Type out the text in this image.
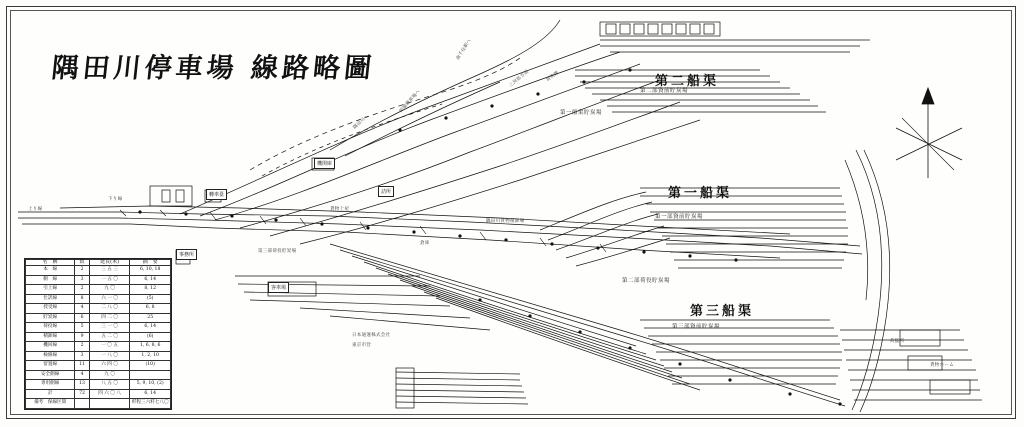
隅田川停車場 線路略圖	第二船渠
第二部資前貯炭場
第一船渠
第一部資前貯炭場
第三船渠
第三部資前貯炭場
第二部荷役貯炭場
第一船渠貯炭場
南千住駅ヘ
田端操車場ヘ
隅田川ヘ
三河島方面	貨物線
上り線
下り線
第三部荷役貯炭場
貨物上屋
倉庫
隅田川貨物積卸場
日本通運株式会社
東京市営
荷扱所
貨物ホーム
機関庫
轉車臺	詰所
客車場
事務所
名　稱	数	延長(米)	摘　要
本　線	2	三 五 三	6, 10, 18
側　線	3	一 五 〇	6, 14
引上線	2	九 〇	8, 12
仕訳線	8	六 一 〇	(5)
授受線	4	二 八 〇	6, 8
貯炭線	6	四 二 〇	25
荷役線	5	三 一 〇	6, 14
積卸線	9	五 二 〇	(6)
機回線	2	一 〇 五	1, 6, 8, 6
検修線	3	一 八 〇	1, 2, 10
留置線	11	六 四 〇	(10)
安全側線	4	九 〇	
専用側線	13	八 五 〇	5, 9, 10, (2)
計	72	四 六 〇 八	6, 14
備考　保線区間			粁程三六粁七八〇
